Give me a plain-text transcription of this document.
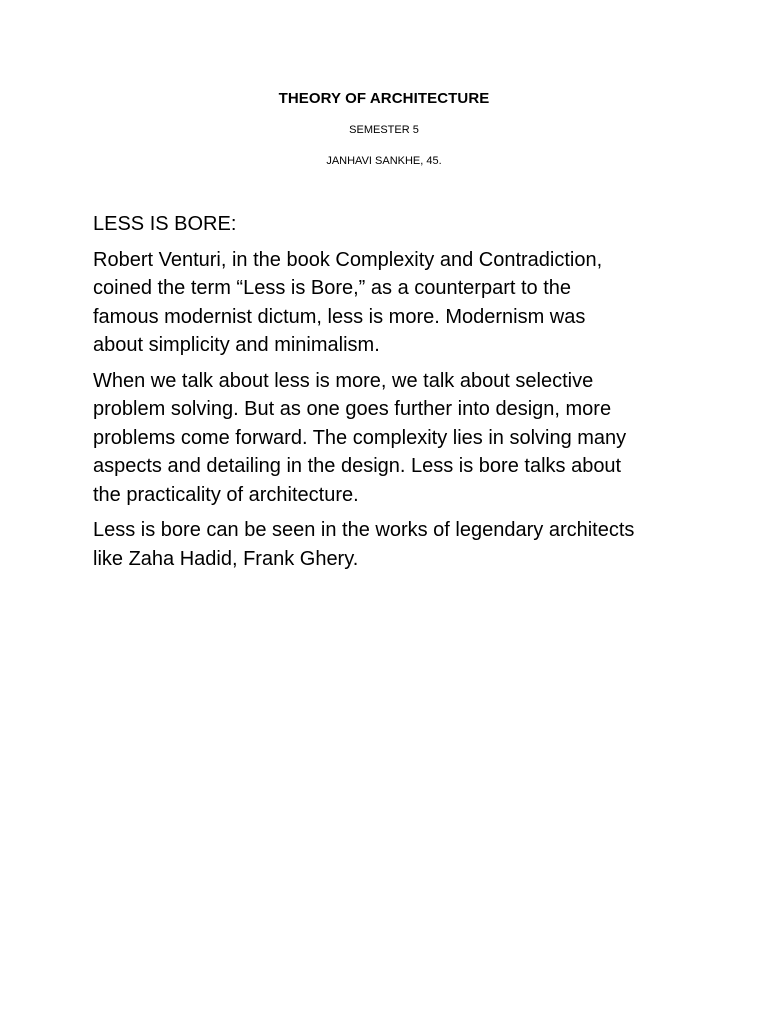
THEORY OF ARCHITECTURE
SEMESTER 5
JANHAVI SANKHE, 45.

LESS IS BORE:

Robert Venturi, in the book Complexity and Contradiction,
coined the term “Less is Bore,” as a counterpart to the
famous modernist dictum, less is more. Modernism was
about simplicity and minimalism.

When we talk about less is more, we talk about selective
problem solving. But as one goes further into design, more
problems come forward. The complexity lies in solving many
aspects and detailing in the design. Less is bore talks about
the practicality of architecture.

Less is bore can be seen in the works of legendary architects
like Zaha Hadid, Frank Ghery.
